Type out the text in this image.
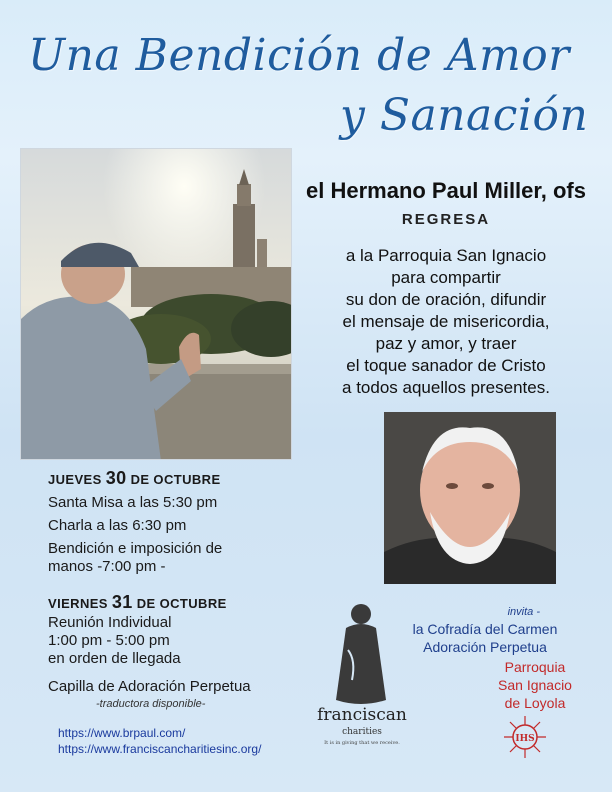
Una Bendición de Amor
y Sanación
el Hermano Paul Miller, ofs
REGRESA
a la Parroquia San Ignacio
para compartir
su don de oración, difundir
el mensaje de misericordia,
paz y amor, y traer
el toque sanador de Cristo
a todos aquellos presentes.
JUEVES 30 DE OCTUBRE
Santa Misa a las 5:30 pm
Charla a las 6:30 pm
Bendición e imposición de manos -7:00 pm -
VIERNES 31 DE OCTUBRE
Reunión Individual
1:00 pm - 5:00 pm
en orden de llegada
Capilla de Adoración Perpetua
-traductora disponible-
https://www.brpaul.com/
https://www.franciscancharitiesinc.org/
franciscan
charities
It is in giving that we receive.
invita -
la Cofradía del Carmen
Adoración Perpetua
Parroquia
San Ignacio
de Loyola
IHS
